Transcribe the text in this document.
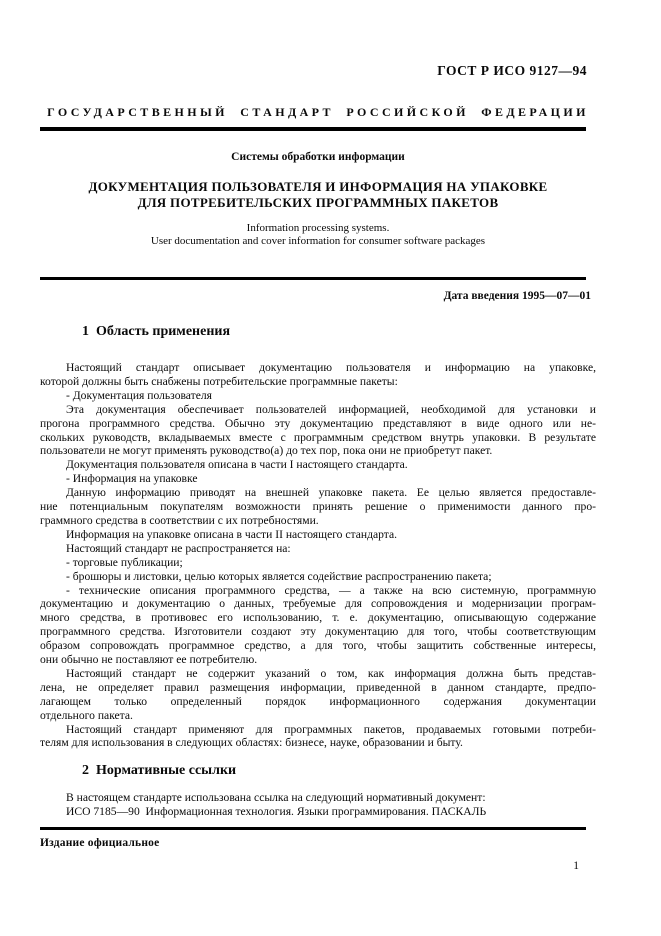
ГОСТ Р ИСО 9127—94
ГОСУДАРСТВЕННЫЙ СТАНДАРТ РОССИЙСКОЙ ФЕДЕРАЦИИ
Системы обработки информации
ДОКУМЕНТАЦИЯ ПОЛЬЗОВАТЕЛЯ И ИНФОРМАЦИЯ НА УПАКОВКЕ
ДЛЯ ПОТРЕБИТЕЛЬСКИХ ПРОГРАММНЫХ ПАКЕТОВ
Information processing systems.
User documentation and cover information for consumer software packages
Дата введения 1995—07—01
1  Область применения
Настоящий стандарт описывает документацию пользователя и информацию на упаковке,
которой должны быть снабжены потребительские программные пакеты:
- Документация пользователя
Эта документация обеспечивает пользователей информацией, необходимой для установки и
прогона программного средства. Обычно эту документацию представляют в виде одного или не-
скольких руководств, вкладываемых вместе с программным средством внутрь упаковки. В результате
пользователи не могут применять руководство(а) до тех пор, пока они не приобретут пакет.
Документация пользователя описана в части I настоящего стандарта.
- Информация на упаковке
Данную информацию приводят на внешней упаковке пакета. Ее целью является предоставле-
ние потенциальным покупателям возможности принять решение о применимости данного про-
граммного средства в соответствии с их потребностями.
Информация на упаковке описана в части II настоящего стандарта.
Настоящий стандарт не распространяется на:
- торговые публикации;
- брошюры и листовки, целью которых является содействие распространению пакета;
- технические описания программного средства, — а также на всю системную, программную
документацию и документацию о данных, требуемые для сопровождения и модернизации програм-
много средства, в противовес его использованию, т. е. документацию, описывающую содержание
программного средства. Изготовители создают эту документацию для того, чтобы соответствующим
образом сопровождать программное средство, а для того, чтобы защитить собственные интересы,
они обычно не поставляют ее потребителю.
Настоящий стандарт не содержит указаний о том, как информация должна быть представ-
лена, не определяет правил размещения информации, приведенной в данном стандарте, предпо-
лагающем только определенный порядок информационного содержания документации
отдельного пакета.
Настоящий стандарт применяют для программных пакетов, продаваемых готовыми потреби-
телям для использования в следующих областях: бизнесе, науке, образовании и быту.
2  Нормативные ссылки
В настоящем стандарте использована ссылка на следующий нормативный документ:
ИСО 7185—90  Информационная технология. Языки программирования. ПАСКАЛЬ
Издание официальное
1
